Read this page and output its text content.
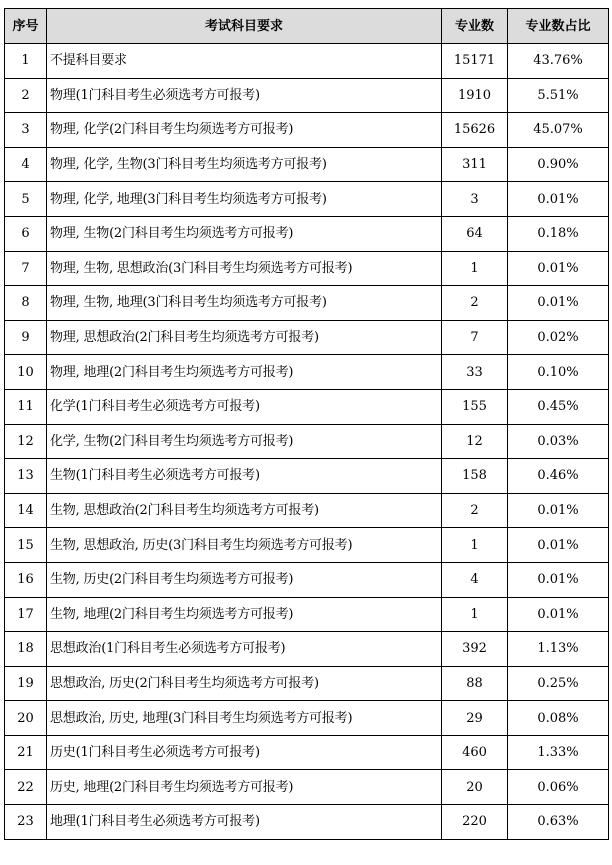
序号	考试科目要求	专业数	专业数占比
1	不提科目要求	15171	43.76%
2	物理(1门科目考生必须选考方可报考)	1910	5.51%
3	物理, 化学(2门科目考生均须选考方可报考)	15626	45.07%
4	物理, 化学, 生物(3门科目考生均须选考方可报考)	311	0.90%
5	物理, 化学, 地理(3门科目考生均须选考方可报考)	3	0.01%
6	物理, 生物(2门科目考生均须选考方可报考)	64	0.18%
7	物理, 生物, 思想政治(3门科目考生均须选考方可报考)	1	0.01%
8	物理, 生物, 地理(3门科目考生均须选考方可报考)	2	0.01%
9	物理, 思想政治(2门科目考生均须选考方可报考)	7	0.02%
10	物理, 地理(2门科目考生均须选考方可报考)	33	0.10%
11	化学(1门科目考生必须选考方可报考)	155	0.45%
12	化学, 生物(2门科目考生均须选考方可报考)	12	0.03%
13	生物(1门科目考生必须选考方可报考)	158	0.46%
14	生物, 思想政治(2门科目考生均须选考方可报考)	2	0.01%
15	生物, 思想政治, 历史(3门科目考生均须选考方可报考)	1	0.01%
16	生物, 历史(2门科目考生均须选考方可报考)	4	0.01%
17	生物, 地理(2门科目考生均须选考方可报考)	1	0.01%
18	思想政治(1门科目考生必须选考方可报考)	392	1.13%
19	思想政治, 历史(2门科目考生均须选考方可报考)	88	0.25%
20	思想政治, 历史, 地理(3门科目考生均须选考方可报考)	29	0.08%
21	历史(1门科目考生必须选考方可报考)	460	1.33%
22	历史, 地理(2门科目考生均须选考方可报考)	20	0.06%
23	地理(1门科目考生必须选考方可报考)	220	0.63%
